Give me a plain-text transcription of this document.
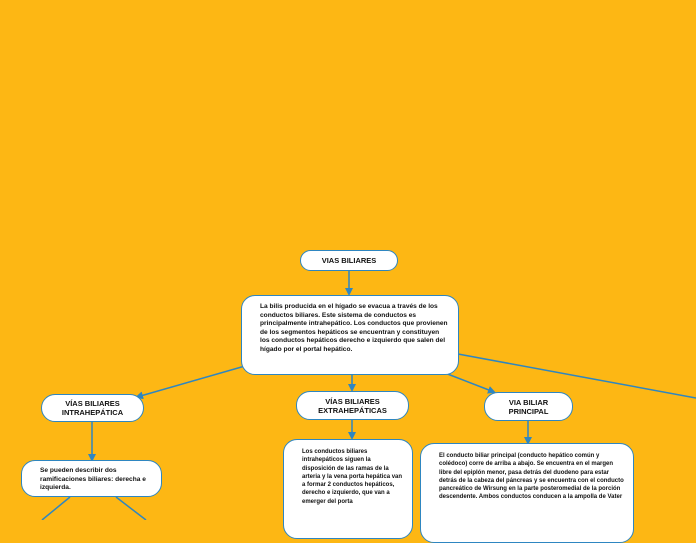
VIAS BILIARES
La bilis producida en el hígado se evacua a través de los conductos biliares. Este sistema de conductos es principalmente intrahepático. Los conductos que provienen de los segmentos hepáticos se encuentran y constituyen los conductos hepáticos derecho e izquierdo que salen del hígado por el portal hepático.
VÍAS BILIARES INTRAHEPÁTICA
VÍAS BILIARES EXTRAHEPÁTICAS
VIA BILIAR PRINCIPAL
Se pueden describir dos ramificaciones biliares: derecha e izquierda.
Los conductos biliares intrahepáticos siguen la disposición de las ramas de la arteria y la vena porta hepática van a formar 2 conductos hepáticos, derecho e izquierdo, que van a emerger del porta
El conducto biliar principal (conducto hepático común y colédoco) corre de arriba a abajo. Se encuentra en el margen libre del epiplón menor, pasa detrás del duodeno para estar detrás de la cabeza del páncreas y se encuentra con el conducto pancreático de Wirsung en la parte posteromedial de la porción descendente. Ambos conductos conducen a la ampolla de Vater
